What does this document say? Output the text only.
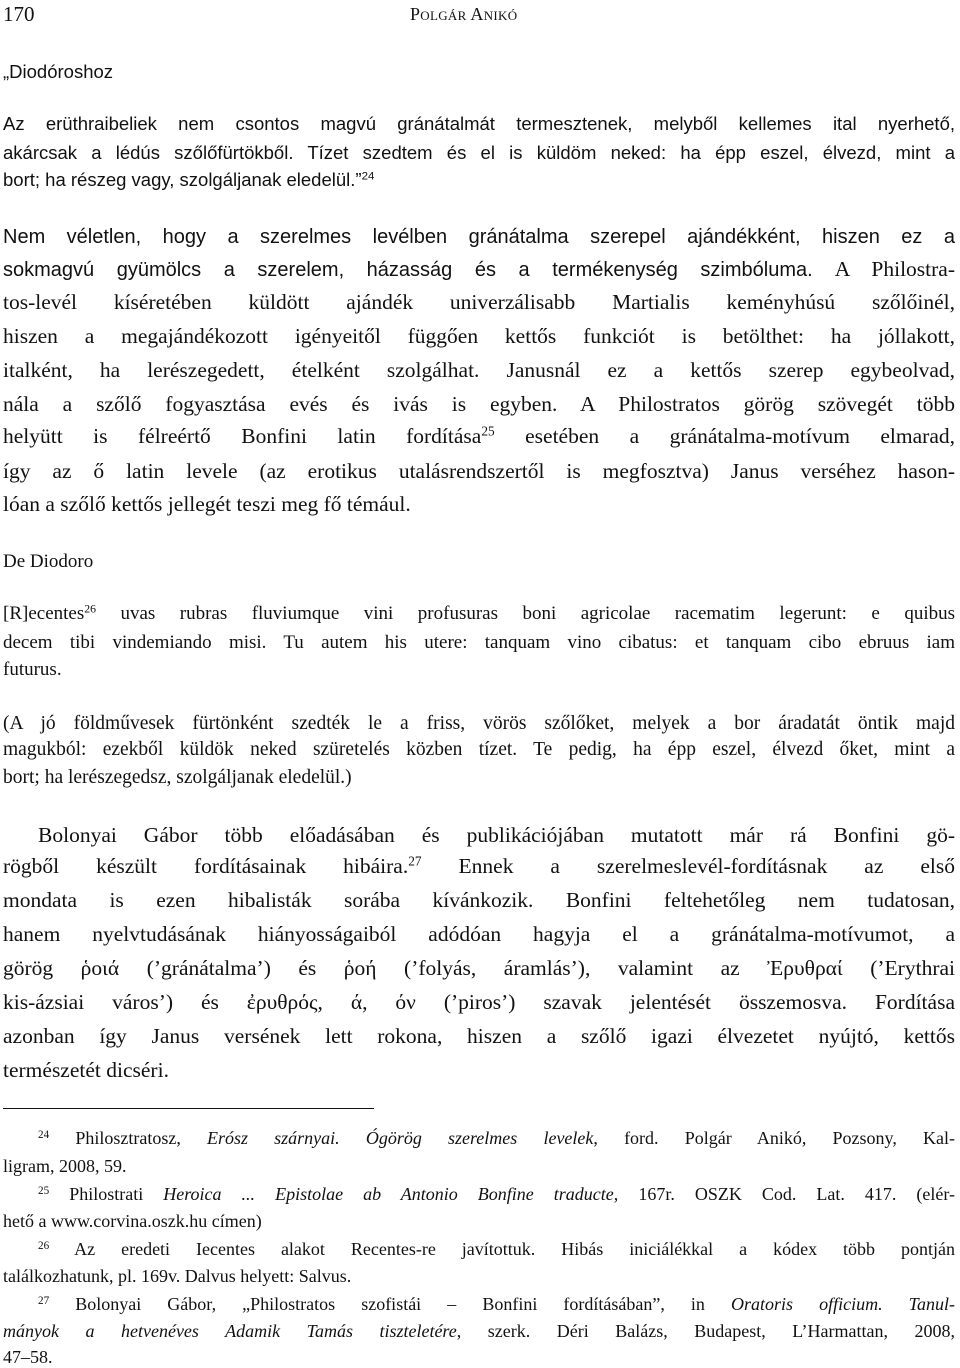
170	Polgár Anikó
„Diodóroshoz
Az erüthraibeliek nem csontos magvú gránátalmát termesztenek, melyből kellemes ital nyerhető,
akárcsak a lédús szőlőfürtökből. Tízet szedtem és el is küldöm neked: ha épp eszel, élvezd, mint a
bort; ha részeg vagy, szolgáljanak eledelül.”$^{24}$
Nem véletlen, hogy a szerelmes levélben gránátalma szerepel ajándékként, hiszen ez a
sokmagvú gyümölcs a szerelem, házasság és a termékenység szimbóluma. A Philostra-
tos-levél kíséretében küldött ajándék univerzálisabb Martialis keményhúsú szőlőinél,
hiszen a megajándékozott igényeitől függően kettős funkciót is betölthet: ha jóllakott,
italként, ha lerészegedett, ételként szolgálhat. Janusnál ez a kettős szerep egybeolvad,
nála a szőlő fogyasztása evés és ivás is egyben. A Philostratos görög szövegét több
helyütt is félreértő Bonfini latin fordítása$^{25}$ esetében a gránátalma-motívum elmarad,
így az ő latin levele (az erotikus utalásrendszertől is megfosztva) Janus verséhez hason-
lóan a szőlő kettős jellegét teszi meg fő témául.
De Diodoro
[R]ecentes$^{26}$ uvas rubras fluviumque vini profusuras boni agricolae racematim legerunt: e quibus
decem tibi vindemiando misi. Tu autem his utere: tanquam vino cibatus: et tanquam cibo ebruus iam
futurus.
(A jó földművesek fürtönként szedték le a friss, vörös szőlőket, melyek a bor áradatát öntik majd
magukból: ezekből küldök neked szüretelés közben tízet. Te pedig, ha épp eszel, élvezd őket, mint a
bort; ha lerészegedsz, szolgáljanak eledelül.)
Bolonyai Gábor több előadásában és publikációjában mutatott már rá Bonfini gö-
rögből készült fordításainak hibáira.$^{27}$ Ennek a szerelmeslevél-fordításnak az első
mondata is ezen hibalisták sorába kívánkozik. Bonfini feltehetőleg nem tudatosan,
hanem nyelvtudásának hiányosságaiból adódóan hagyja el a gránátalma-motívumot, a
görög ῥοιά (’gránátalma’) és ῥοή (’folyás, áramlás’), valamint az Ἐρυθραί (’Erythrai
kis-ázsiai város’) és ἐρυθρός, ά, όν (’piros’) szavak jelentését összemosva. Fordítása
azonban így Janus versének lett rokona, hiszen a szőlő igazi élvezetet nyújtó, kettős
természetét dicséri.
$^{24}$ Philosztratosz, Erósz szárnyai. Ógörög szerelmes levelek, ford. Polgár Anikó, Pozsony, Kal-
ligram, 2008, 59.
$^{25}$ Philostrati Heroica ... Epistolae ab Antonio Bonfine traducte, 167r. OSZK Cod. Lat. 417. (elér-
hető a www.corvina.oszk.hu címen)
$^{26}$ Az eredeti Iecentes alakot Recentes-re javítottuk. Hibás iniciálékkal a kódex több pontján
találkozhatunk, pl. 169v. Dalvus helyett: Salvus.
$^{27}$ Bolonyai Gábor, „Philostratos szofistái – Bonfini fordításában”, in Oratoris officium. Tanul-
mányok a hetvenéves Adamik Tamás tiszteletére, szerk. Déri Balázs, Budapest, L’Harmattan, 2008,
47–58.
